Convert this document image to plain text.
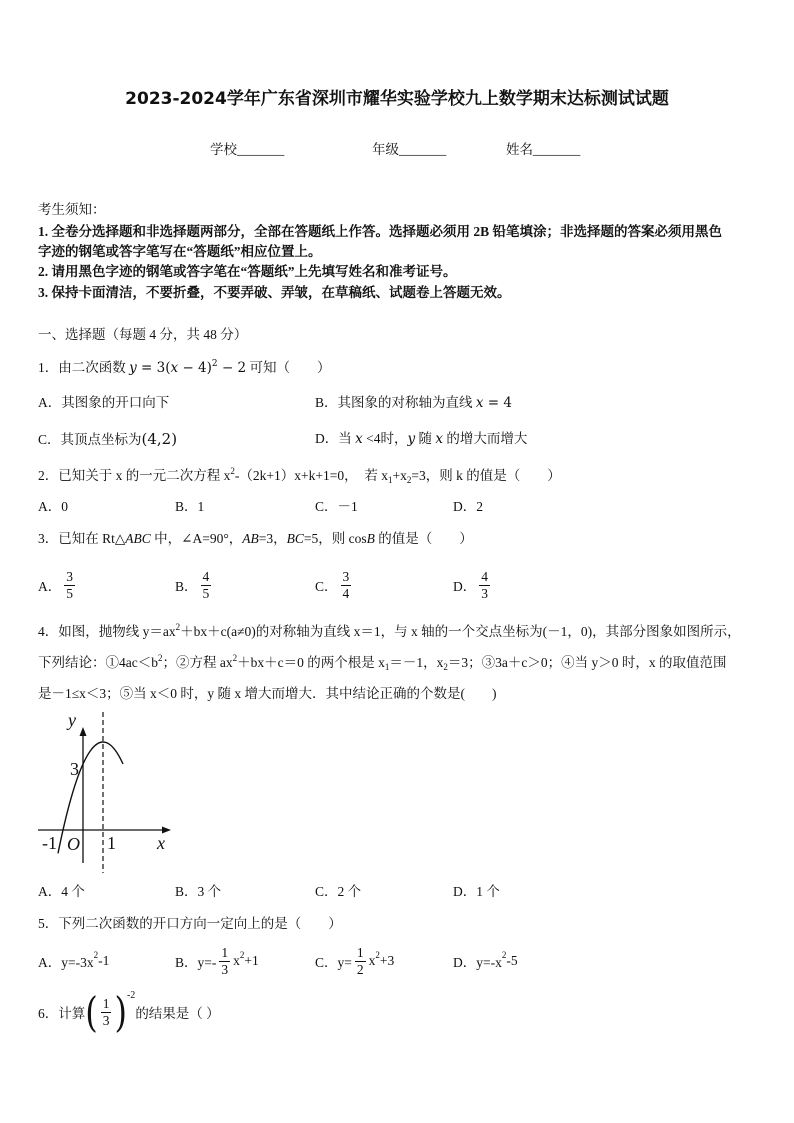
2023-2024学年广东省深圳市耀华实验学校九上数学期末达标测试试题
学校_______	年级_______	姓名_______
考生须知：
1. 全卷分选择题和非选择题两部分，全部在答题纸上作答。选择题必须用 2B 铅笔填涂；非选择题的答案必须用黑色
字迹的钢笔或答字笔写在“答题纸”相应位置上。
2. 请用黑色字迹的钢笔或答字笔在“答题纸”上先填写姓名和准考证号。
3. 保持卡面清洁，不要折叠，不要弄破、弄皱，在草稿纸、试题卷上答题无效。
一、选择题（每题 4 分，共 48 分）
1．由二次函数 $y = 3(x - 4)^2 - 2$ 可知（　　）
A．其图象的开口向下	B．其图象的对称轴为直线 x = 4
C．其顶点坐标为(4,2)	D．当 x <4时，y 随 x 的增大而增大
2．已知关于 x 的一元二次方程 $x^2-(2k+1)x+k+1=0$，　若 $x_1+x_2=3$，则 k 的值是（　　）
A．0	B．1	C．－1	D．2
3．已知在 Rt△ABC 中，∠A=90°，AB=3，BC=5，则 cosB 的值是（　　）
A． $\frac{3}{5}$	B． $\frac{4}{5}$	C． $\frac{3}{4}$	D． $\frac{4}{3}$
4．如图，抛物线 $y=ax^2+bx+c(a\ne 0)$的对称轴为直线 x＝1，与 x 轴的一个交点坐标为(－1，0)，其部分图象如图所示，
下列结论：$①4ac<b^2$；②方程 $ax^2+bx+c=0$ 的两个根是 $x_1=-1$，$x_2=3$；③3a＋c＞0；④当 y＞0 时，x 的取值范围
是－1≤x＜3；⑤当 x＜0 时，y 随 x 增大而增大．其中结论正确的个数是(　　)
y
3
-1 O 1 x
A．4 个	B．3 个	C．2 个	D．1 个
5．下列二次函数的开口方向一定向上的是（　　）
A．y=-3x 2 -1	B．$y=- \frac{1}{3}$ x 2 +1	C．$y= \frac{1}{2}$ x 2 +3	D．y=-x 2 -5
6．计算 ( $\frac{1}{3}$ ) -2
的结果是（ ）
